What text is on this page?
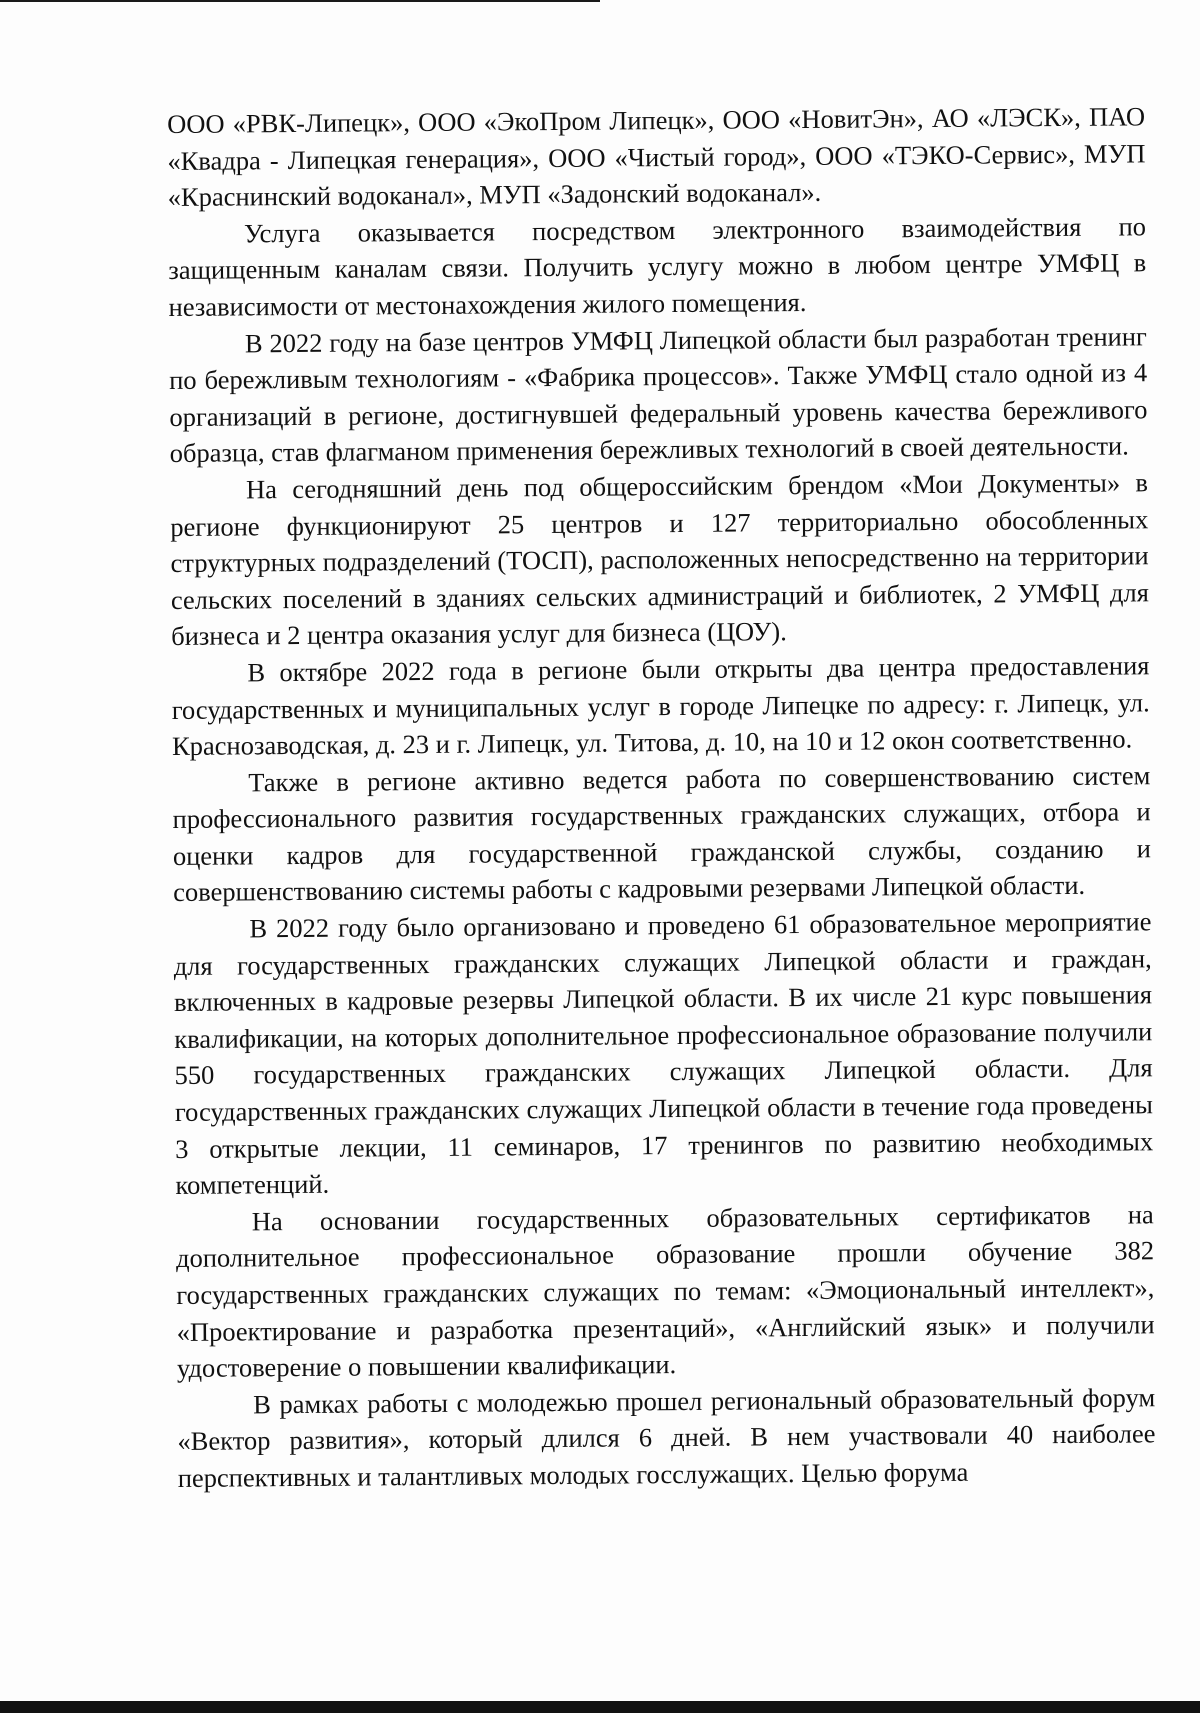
ООО «РВК-Липецк», ООО «ЭкоПром Липецк», ООО «НовитЭн», АО «ЛЭСК», ПАО «Квадра - Липецкая генерация», ООО «Чистый город», ООО «ТЭКО-Сервис», МУП «Краснинский водоканал», МУП «Задонский водоканал».

Услуга оказывается посредством электронного взаимодействия по защищенным каналам связи. Получить услугу можно в любом центре УМФЦ в независимости от местонахождения жилого помещения.

В 2022 году на базе центров УМФЦ Липецкой области был разработан тренинг по бережливым технологиям - «Фабрика процессов». Также УМФЦ стало одной из 4 организаций в регионе, достигнувшей федеральный уровень качества бережливого образца, став флагманом применения бережливых технологий в своей деятельности.

На сегодняшний день под общероссийским брендом «Мои Документы» в регионе функционируют 25 центров и 127 территориально обособленных структурных подразделений (ТОСП), расположенных непосредственно на территории сельских поселений в зданиях сельских администраций и библиотек, 2 УМФЦ для бизнеса и 2 центра оказания услуг для бизнеса (ЦОУ).

В октябре 2022 года в регионе были открыты два центра предоставления государственных и муниципальных услуг в городе Липецке по адресу: г. Липецк, ул. Краснозаводская, д. 23 и г. Липецк, ул. Титова, д. 10, на 10 и 12 окон соответственно.

Также в регионе активно ведется работа по совершенствованию систем профессионального развития государственных гражданских служащих, отбора и оценки кадров для государственной гражданской службы, созданию и совершенствованию системы работы с кадровыми резервами Липецкой области.

В 2022 году было организовано и проведено 61 образовательное мероприятие для государственных гражданских служащих Липецкой области и граждан, включенных в кадровые резервы Липецкой области. В их числе 21 курс повышения квалификации, на которых дополнительное профессиональное образование получили 550 государственных гражданских служащих Липецкой области. Для государственных гражданских служащих Липецкой области в течение года проведены 3 открытые лекции, 11 семинаров, 17 тренингов по развитию необходимых компетенций.

На основании государственных образовательных сертификатов на дополнительное профессиональное образование прошли обучение 382 государственных гражданских служащих по темам: «Эмоциональный интеллект», «Проектирование и разработка презентаций», «Английский язык» и получили удостоверение о повышении квалификации.

В рамках работы с молодежью прошел региональный образовательный форум «Вектор развития», который длился 6 дней. В нем участвовали 40 наиболее перспективных и талантливых молодых госслужащих. Целью форума
